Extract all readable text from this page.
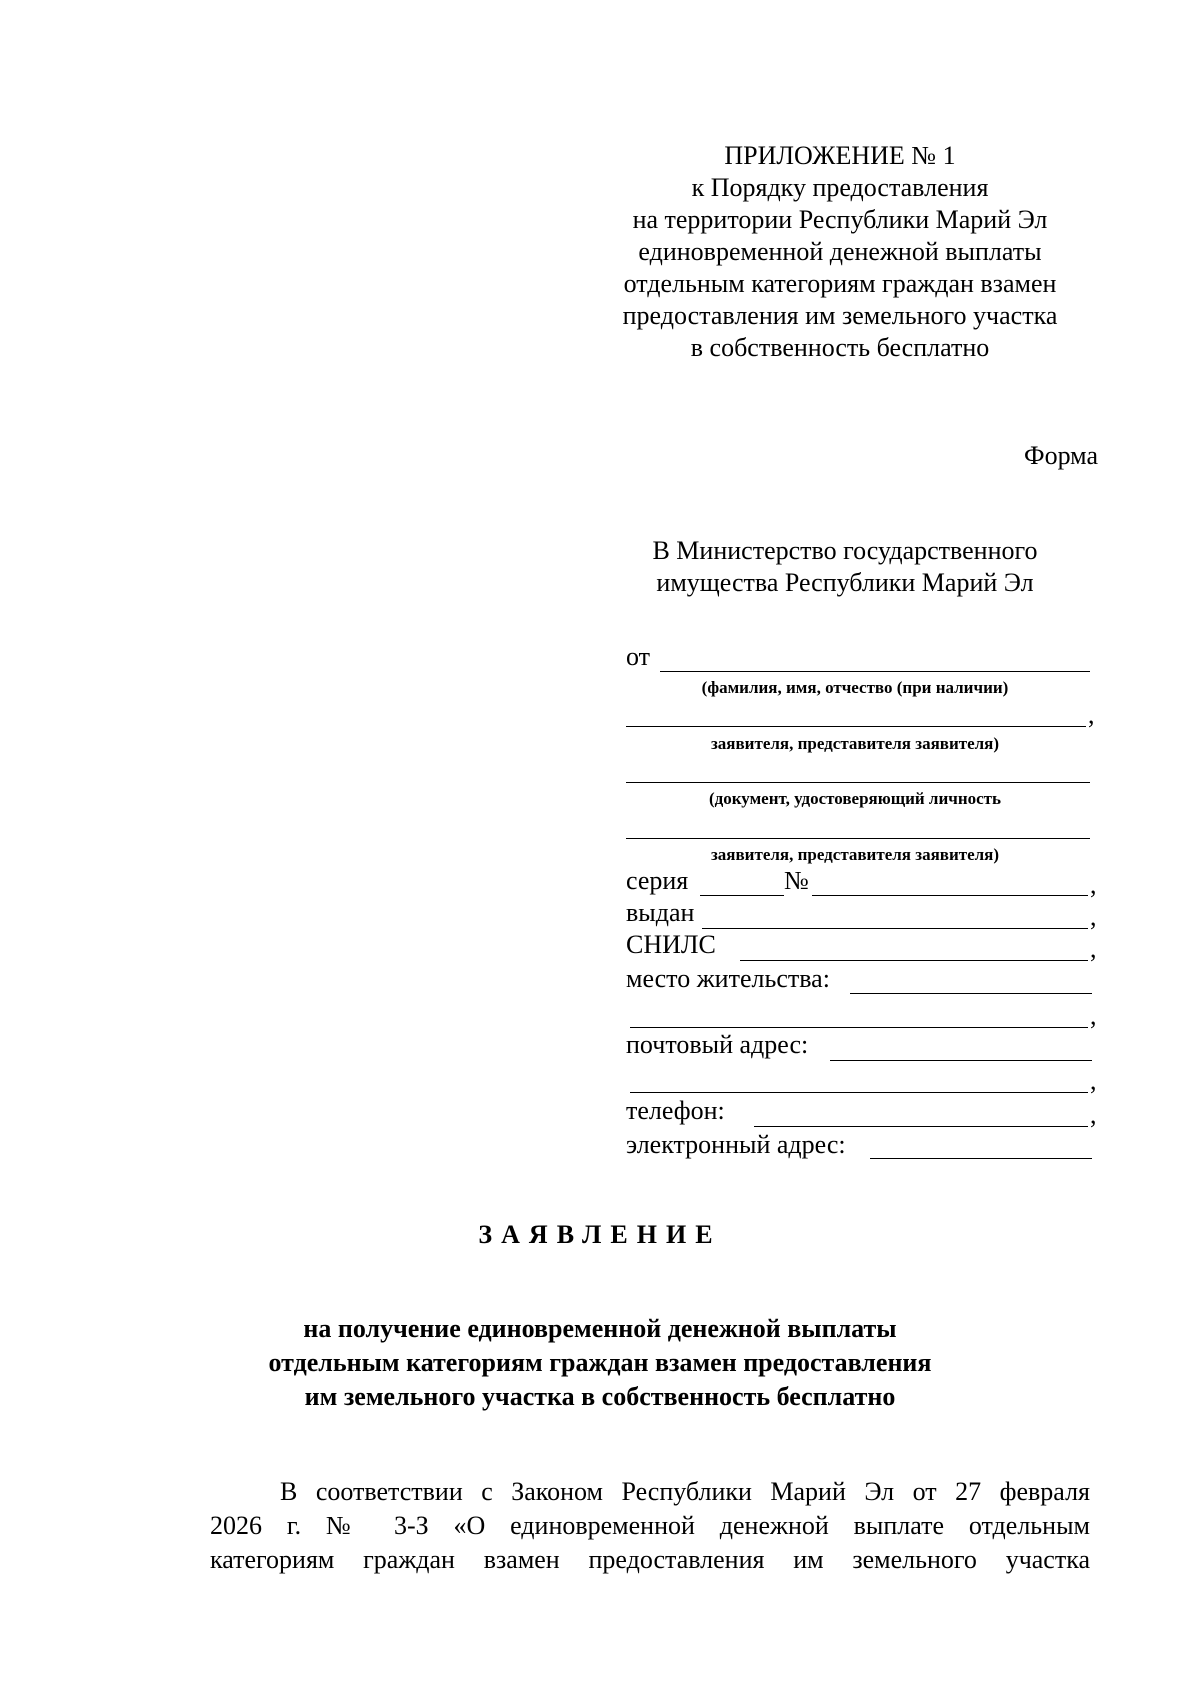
ПРИЛОЖЕНИЕ № 1
к Порядку предоставления
на территории Республики Марий Эл
единовременной денежной выплаты
отдельным категориям граждан взамен
предоставления им земельного участка
в собственность бесплатно
Форма
В Министерство государственного
имущества Республики Марий Эл
от
(фамилия, имя, отчество (при наличии)
,
заявителя, представителя заявителя)
(документ, удостоверяющий личность
заявителя, представителя заявителя)
серия	№	,
выдан	,
СНИЛС	,
место жительства:
,
почтовый адрес:
,
телефон:	,
электронный адрес:
ЗАЯВЛЕНИЕ
на получение единовременной денежной выплаты
отдельным категориям граждан взамен предоставления
им земельного участка в собственность бесплатно
В соответствии с Законом Республики Марий Эл от 27 февраля
2026 г. № 3-З «О единовременной денежной выплате отдельным
категориям граждан взамен предоставления им земельного участка
